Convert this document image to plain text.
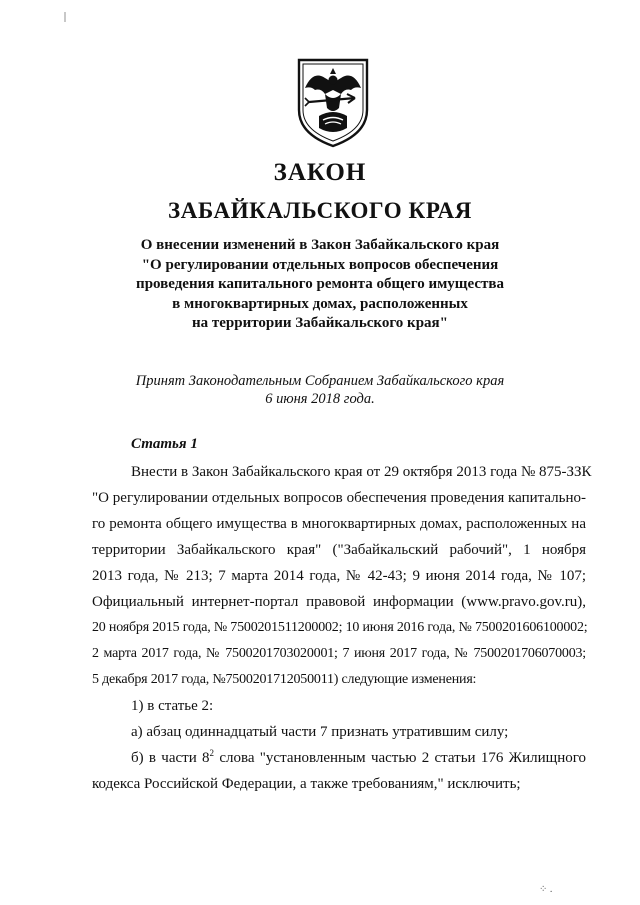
ЗАКОН
ЗАБАЙКАЛЬСКОГО КРАЯ
О внесении изменений в Закон Забайкальского края
"О регулировании отдельных вопросов обеспечения
проведения капитального ремонта общего имущества
в многоквартирных домах, расположенных
на территории Забайкальского края"
Принят Законодательным Собранием Забайкальского края
6 июня 2018 года.
Статья 1
Внести в Закон Забайкальского края от 29 октября 2013 года № 875-ЗЗК
"О регулировании отдельных вопросов обеспечения проведения капитально-
го ремонта общего имущества в многоквартирных домах, расположенных на
территории Забайкальского края" ("Забайкальский рабочий", 1 ноября
2013 года, № 213; 7 марта 2014 года, № 42-43; 9 июня 2014 года, № 107;
Официальный интернет-портал правовой информации (www.pravo.gov.ru),
20 ноября 2015 года, № 7500201511200002; 10 июня 2016 года, № 7500201606100002;
2 марта 2017 года, № 7500201703020001; 7 июня 2017 года, № 7500201706070003;
5 декабря 2017 года, №7500201712050011) следующие изменения:
1) в статье 2:
а) абзац одиннадцатый части 7 признать утратившим силу;
б) в части $8^2$ слова "установленным частью 2 статьи 176 Жилищного
кодекса Российской Федерации, а также требованиям," исключить;
⁘ .
